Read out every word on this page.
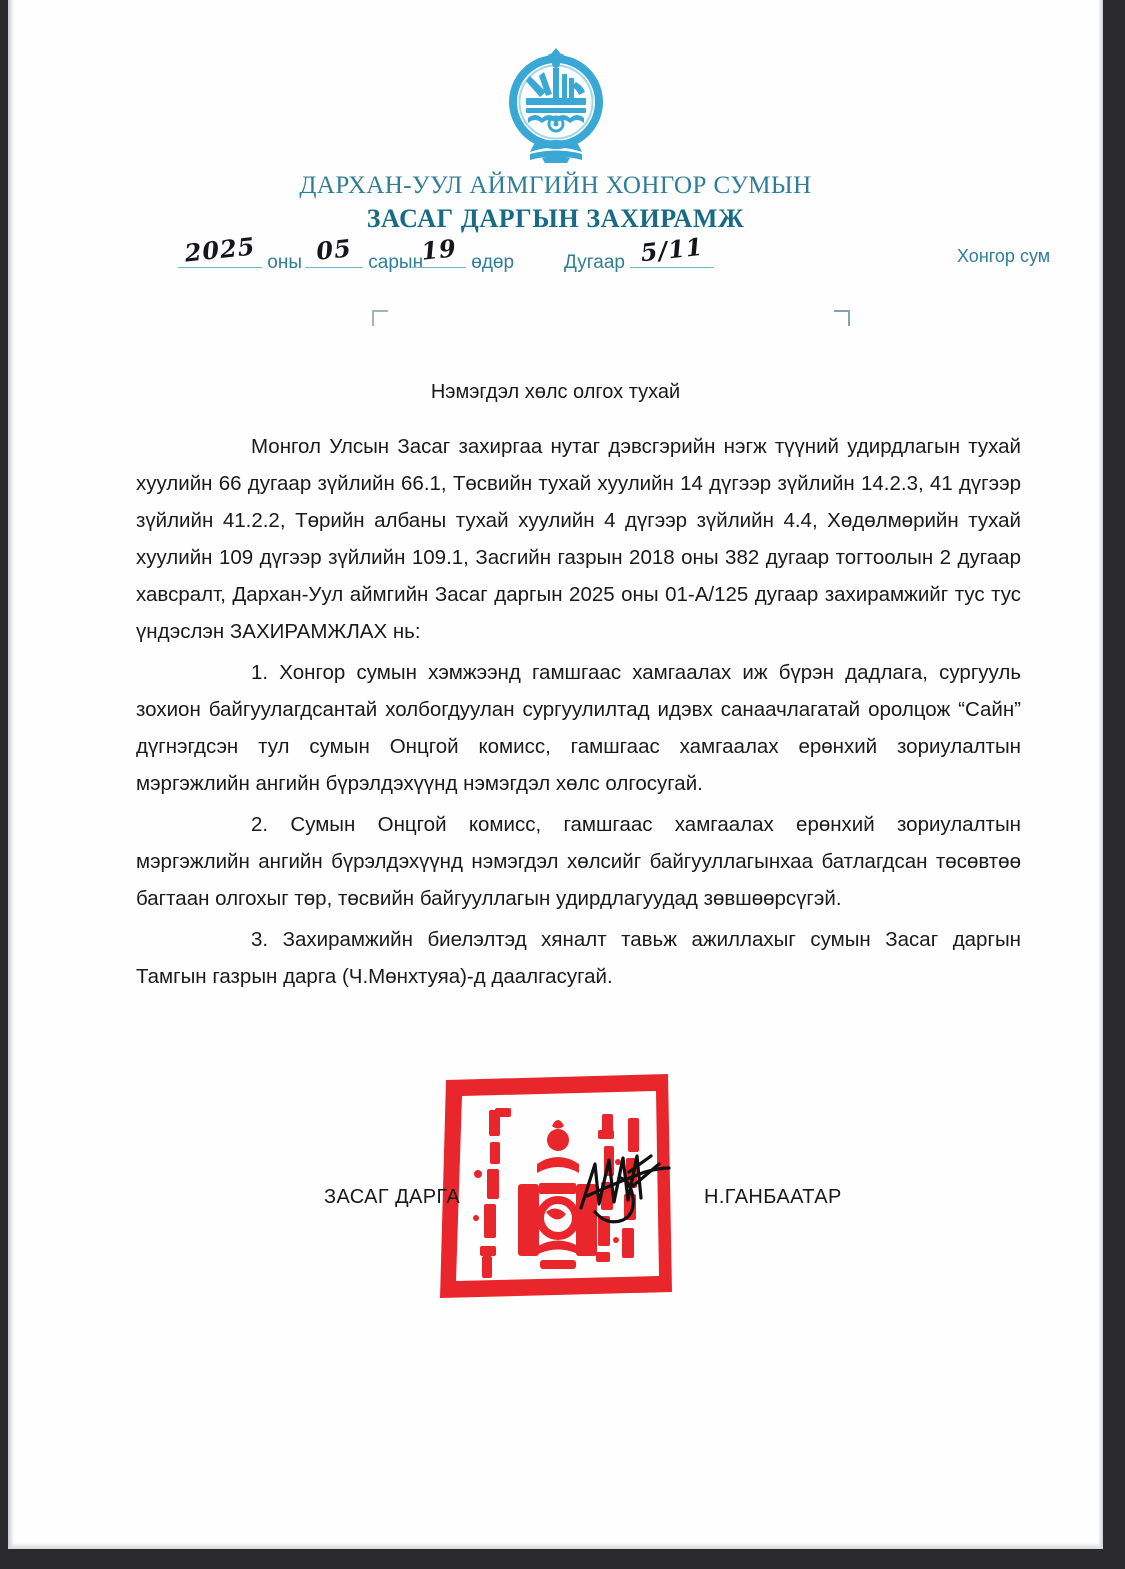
ДАРХАН-УУЛ АЙМГИЙН ХОНГОР СУМЫН
ЗАСАГ ДАРГЫН ЗАХИРАМЖ
2025 оны 05 сарын
19 өдөр	Дугаар 5/11	Хонгор сум
Нэмэгдэл хөлс олгох тухай

Монгол Улсын Засаг захиргаа нутаг дэвсгэрийн нэгж түүний удирдлагын тухай хуулийн 66 дугаар зүйлийн 66.1, Төсвийн тухай хуулийн 14 дүгээр зүйлийн 14.2.3, 41 дүгээр зүйлийн 41.2.2, Төрийн албаны тухай хуулийн 4 дүгээр зүйлийн 4.4, Хөдөлмөрийн тухай хуулийн 109 дүгээр зүйлийн 109.1, Засгийн газрын 2018 оны 382 дугаар тогтоолын 2 дугаар хавсралт, Дархан-Уул аймгийн Засаг даргын 2025 оны 01-А/125 дугаар захирамжийг тус тус үндэслэн ЗАХИРАМЖЛАХ нь:

1. Хонгор сумын хэмжээнд гамшгаас хамгаалах иж бүрэн дадлага, сургууль зохион байгуулагдсантай холбогдуулан сургуулилтад идэвх санаачлагатай оролцож “Сайн” дүгнэгдсэн тул сумын Онцгой комисс, гамшгаас хамгаалах ерөнхий зориулалтын мэргэжлийн ангийн бүрэлдэхүүнд нэмэгдэл хөлс олгосугай.

2. Сумын Онцгой комисс, гамшгаас хамгаалах ерөнхий зориулалтын мэргэжлийн ангийн бүрэлдэхүүнд нэмэгдэл хөлсийг байгууллагынхаа батлагдсан төсөвтөө багтаан олгохыг төр, төсвийн байгууллагын удирдлагуудад зөвшөөрсүгэй.

3. Захирамжийн биелэлтэд хяналт тавьж ажиллахыг сумын Засаг даргын Тамгын газрын дарга (Ч.Мөнхтуяа)-д даалгасугай.

ЗАСАГ ДАРГА	Н.ГАНБААТАР
